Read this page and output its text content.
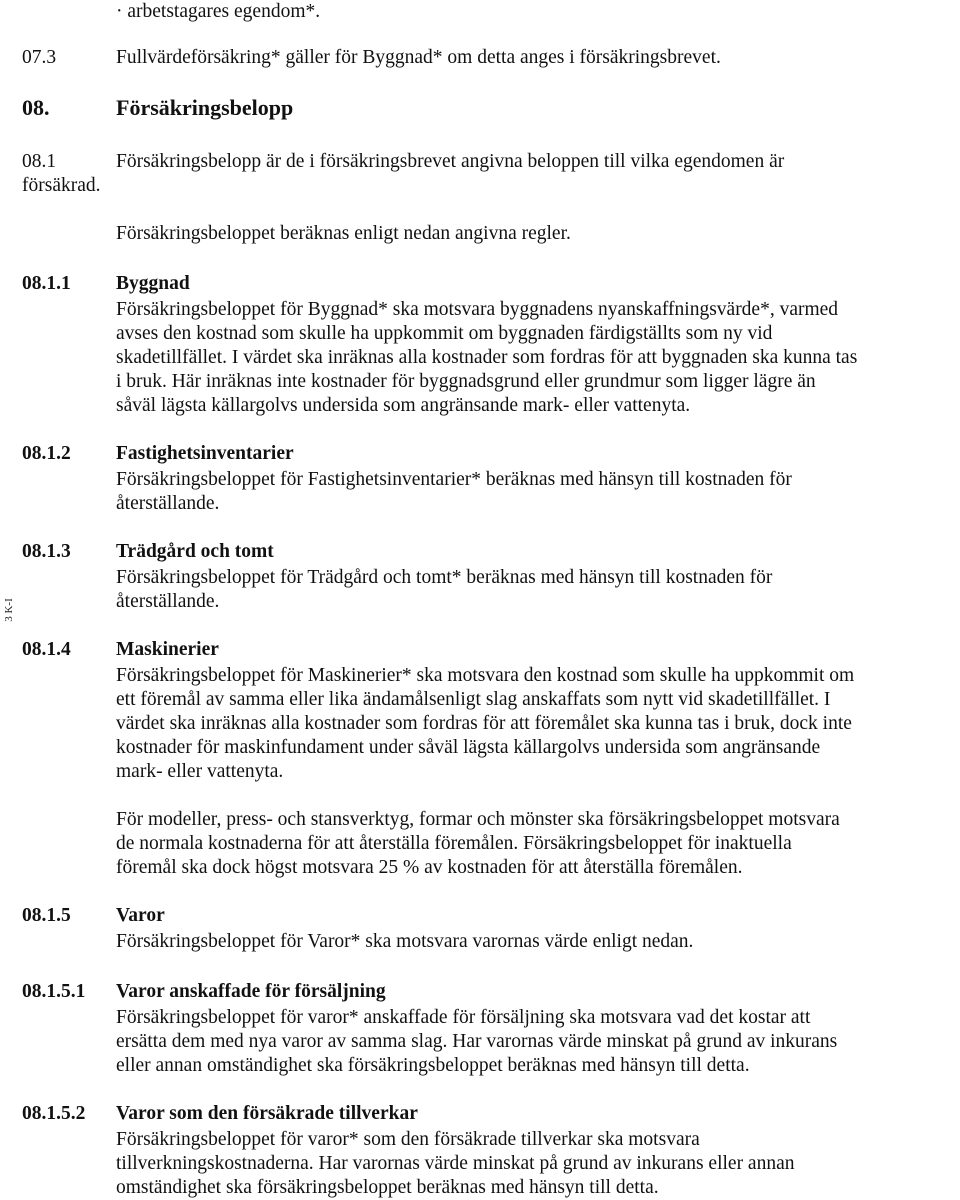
3 K-I

· arbetstagares egendom*.

07.3	Fullvärdeförsäkring* gäller för Byggnad* om detta anges i försäkringsbrevet.

08.	Försäkringsbelopp

08.1	Försäkringsbelopp är de i försäkringsbrevet angivna beloppen till vilka egendomen är

försäkrad.

Försäkringsbeloppet beräknas enligt nedan angivna regler.

08.1.1 Byggnad

Försäkringsbeloppet för Byggnad* ska motsvara byggnadens nyanskaffningsvärde*, varmed

avses den kostnad som skulle ha uppkommit om byggnaden färdigställts som ny vid

skadetillfället. I värdet ska inräknas alla kostnader som fordras för att byggnaden ska kunna tas

i bruk. Här inräknas inte kostnader för byggnadsgrund eller grundmur som ligger lägre än

såväl lägsta källargolvs undersida som angränsande mark- eller vattenyta.

08.1.2 Fastighetsinventarier

Försäkringsbeloppet för Fastighetsinventarier* beräknas med hänsyn till kostnaden för

återställande.

08.1.3 Trädgård och tomt

Försäkringsbeloppet för Trädgård och tomt* beräknas med hänsyn till kostnaden för

återställande.

08.1.4 Maskinerier

Försäkringsbeloppet för Maskinerier* ska motsvara den kostnad som skulle ha uppkommit om

ett föremål av samma eller lika ändamålsenligt slag anskaffats som nytt vid skadetillfället. I

värdet ska inräknas alla kostnader som fordras för att föremålet ska kunna tas i bruk, dock inte

kostnader för maskinfundament under såväl lägsta källargolvs undersida som angränsande

mark- eller vattenyta.

För modeller, press- och stansverktyg, formar och mönster ska försäkringsbeloppet motsvara

de normala kostnaderna för att återställa föremålen. Försäkringsbeloppet för inaktuella

föremål ska dock högst motsvara 25 % av kostnaden för att återställa föremålen.

08.1.5 Varor

Försäkringsbeloppet för Varor* ska motsvara varornas värde enligt nedan.

08.1.5.1 Varor anskaffade för försäljning

Försäkringsbeloppet för varor* anskaffade för försäljning ska motsvara vad det kostar att

ersätta dem med nya varor av samma slag. Har varornas värde minskat på grund av inkurans

eller annan omständighet ska försäkringsbeloppet beräknas med hänsyn till detta.

08.1.5.2 Varor som den försäkrade tillverkar

Försäkringsbeloppet för varor* som den försäkrade tillverkar ska motsvara

tillverkningskostnaderna. Har varornas värde minskat på grund av inkurans eller annan

omständighet ska försäkringsbeloppet beräknas med hänsyn till detta.
